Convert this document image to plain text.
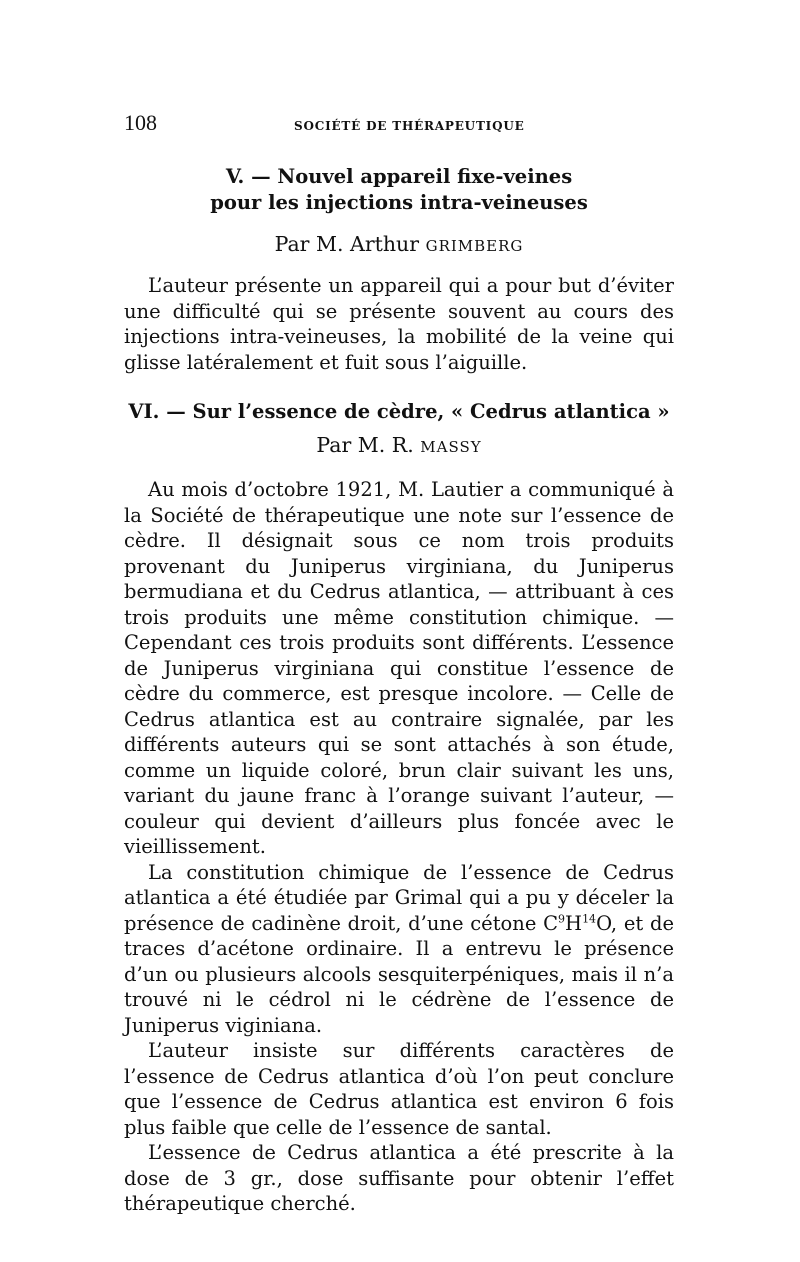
108	SOCIÉTÉ DE THÉRAPEUTIQUE
V. — Nouvel appareil fixe-veines
pour les injections intra-veineuses
Par M. Arthur GRIMBERG

L’auteur présente un appareil qui a pour but d’éviter une difficulté qui se présente souvent au cours des injections intra-veineuses, la mobilité de la veine qui glisse latéralement et fuit sous l’aiguille.

VI. — Sur l’essence de cèdre, « Cedrus atlantica »
Par M. R. MASSY

Au mois d’octobre 1921, M. Lautier a communiqué à la Société de thérapeutique une note sur l’essence de cèdre. Il désignait sous ce nom trois produits provenant du Juniperus virginiana, du Juniperus bermudiana et du Cedrus atlantica, — attribuant à ces trois produits une même constitution chimique. — Cependant ces trois produits sont différents. L’essence de Juniperus virginiana qui constitue l’essence de cèdre du commerce, est presque incolore. — Celle de Cedrus atlantica est au contraire signalée, par les différents auteurs qui se sont attachés à son étude, comme un liquide coloré, brun clair suivant les uns, variant du jaune franc à l’orange suivant l’auteur, — couleur qui devient d’ailleurs plus foncée avec le vieillissement.

La constitution chimique de l’essence de Cedrus atlantica a été étudiée par Grimal qui a pu y déceler la présence de cadinène droit, d’une cétone $C^9H^{14}O$, et de traces d’acétone ordinaire. Il a entrevu le présence d’un ou plusieurs alcools sesquiterpéniques, mais il n’a trouvé ni le cédrol ni le cédrène de l’essence de Juniperus viginiana.

L’auteur insiste sur différents caractères de l’essence de Cedrus atlantica d’où l’on peut conclure que l’essence de Cedrus atlantica est environ 6 fois plus faible que celle de l’essence de santal.

L’essence de Cedrus atlantica a été prescrite à la dose de 3 gr., dose suffisante pour obtenir l’effet thérapeutique cherché.
